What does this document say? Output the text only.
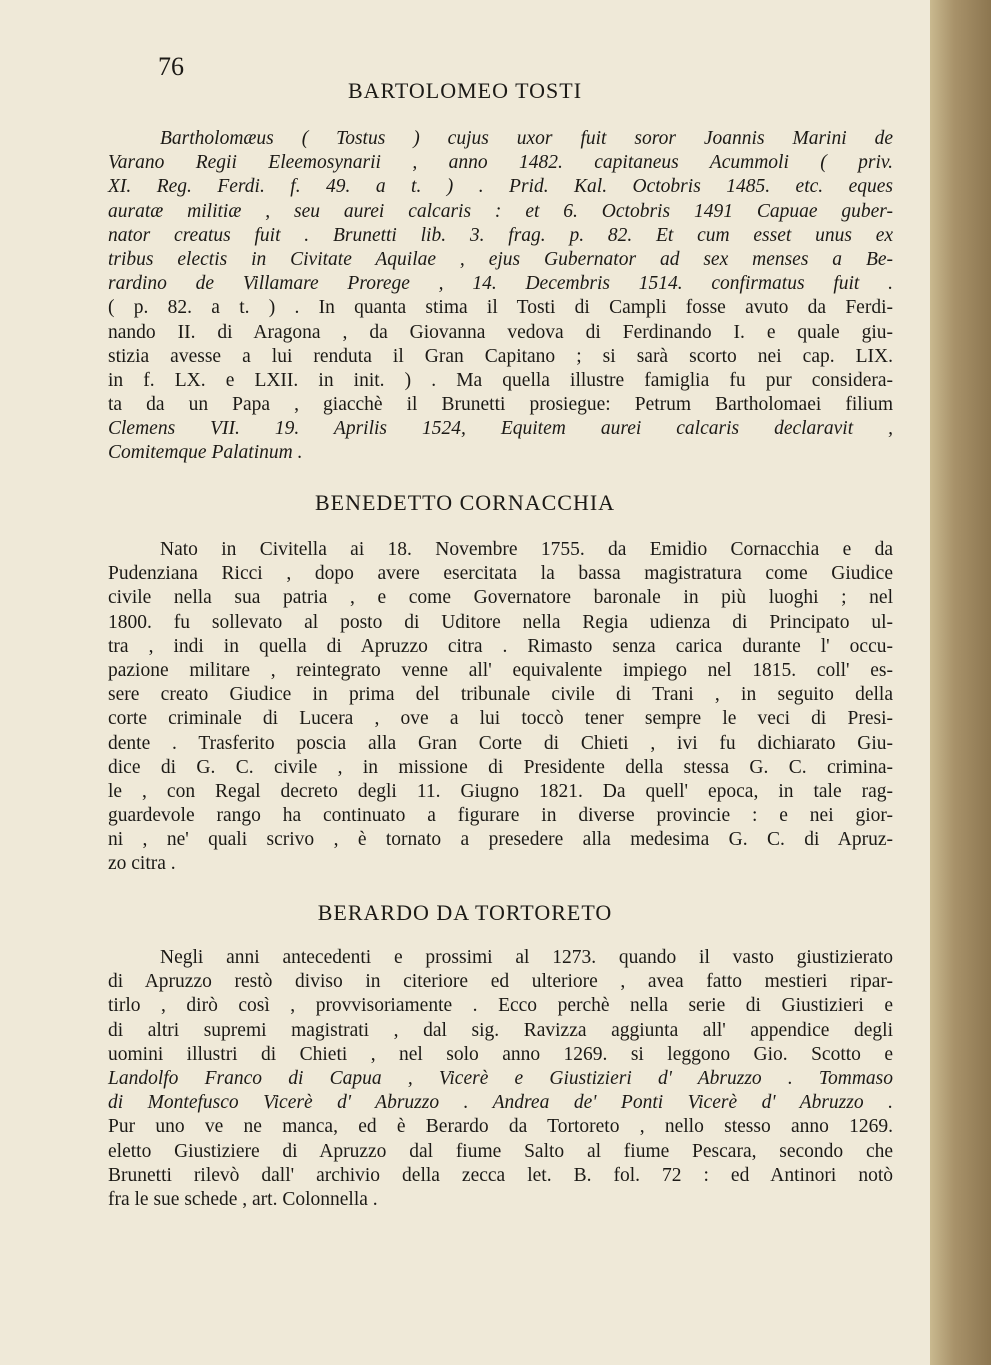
76
BARTOLOMEO TOSTI
Bartholomæus ( Tostus ) cujus uxor fuit soror Joannis Marini de
Varano Regii Eleemosynarii , anno 1482. capitaneus Acummoli ( priv.
XI. Reg. Ferdi. f. 49. a t. ) . Prid. Kal. Octobris 1485. etc. eques
auratæ militiæ , seu aurei calcaris : et 6. Octobris 1491 Capuae guber-
nator creatus fuit . Brunetti lib. 3. frag. p. 82. Et cum esset unus ex
tribus electis in Civitate Aquilae , ejus Gubernator ad sex menses a Be-
rardino de Villamare Prorege , 14. Decembris 1514. confirmatus fuit .
( p. 82. a t. ) . In quanta stima il Tosti di Campli fosse avuto da Ferdi-
nando II. di Aragona , da Giovanna vedova di Ferdinando I. e quale giu-
stizia avesse a lui renduta il Gran Capitano ; si sarà scorto nei cap. LIX.
in f. LX. e LXII. in init. ) . Ma quella illustre famiglia fu pur considera-
ta da un Papa , giacchè il Brunetti prosiegue: Petrum Bartholomaei filium
Clemens VII. 19. Aprilis 1524, Equitem aurei calcaris declaravit ,
Comitemque Palatinum .
BENEDETTO CORNACCHIA
Nato in Civitella ai 18. Novembre 1755. da Emidio Cornacchia e da
Pudenziana Ricci , dopo avere esercitata la bassa magistratura come Giudice
civile nella sua patria , e come Governatore baronale in più luoghi ; nel
1800. fu sollevato al posto di Uditore nella Regia udienza di Principato ul-
tra , indi in quella di Apruzzo citra . Rimasto senza carica durante l' occu-
pazione militare , reintegrato venne all' equivalente impiego nel 1815. coll' es-
sere creato Giudice in prima del tribunale civile di Trani , in seguito della
corte criminale di Lucera , ove a lui toccò tener sempre le veci di Presi-
dente . Trasferito poscia alla Gran Corte di Chieti , ivi fu dichiarato Giu-
dice di G. C. civile , in missione di Presidente della stessa G. C. crimina-
le , con Regal decreto degli 11. Giugno 1821. Da quell' epoca, in tale rag-
guardevole rango ha continuato a figurare in diverse provincie : e nei gior-
ni , ne' quali scrivo , è tornato a presedere alla medesima G. C. di Apruz-
zo citra .
BERARDO DA TORTORETO
Negli anni antecedenti e prossimi al 1273. quando il vasto giustizierato
di Apruzzo restò diviso in citeriore ed ulteriore , avea fatto mestieri ripar-
tirlo , dirò così , provvisoriamente . Ecco perchè nella serie di Giustizieri e
di altri supremi magistrati , dal sig. Ravizza aggiunta all' appendice degli
uomini illustri di Chieti , nel solo anno 1269. si leggono Gio. Scotto e
Landolfo Franco di Capua , Vicerè e Giustizieri d' Abruzzo . Tommaso
di Montefusco Vicerè d' Abruzzo . Andrea de' Ponti Vicerè d' Abruzzo .
Pur uno ve ne manca, ed è Berardo da Tortoreto , nello stesso anno 1269.
eletto Giustiziere di Apruzzo dal fiume Salto al fiume Pescara, secondo che
Brunetti rilevò dall' archivio della zecca let. B. fol. 72 : ed Antinori notò
fra le sue schede , art. Colonnella .
